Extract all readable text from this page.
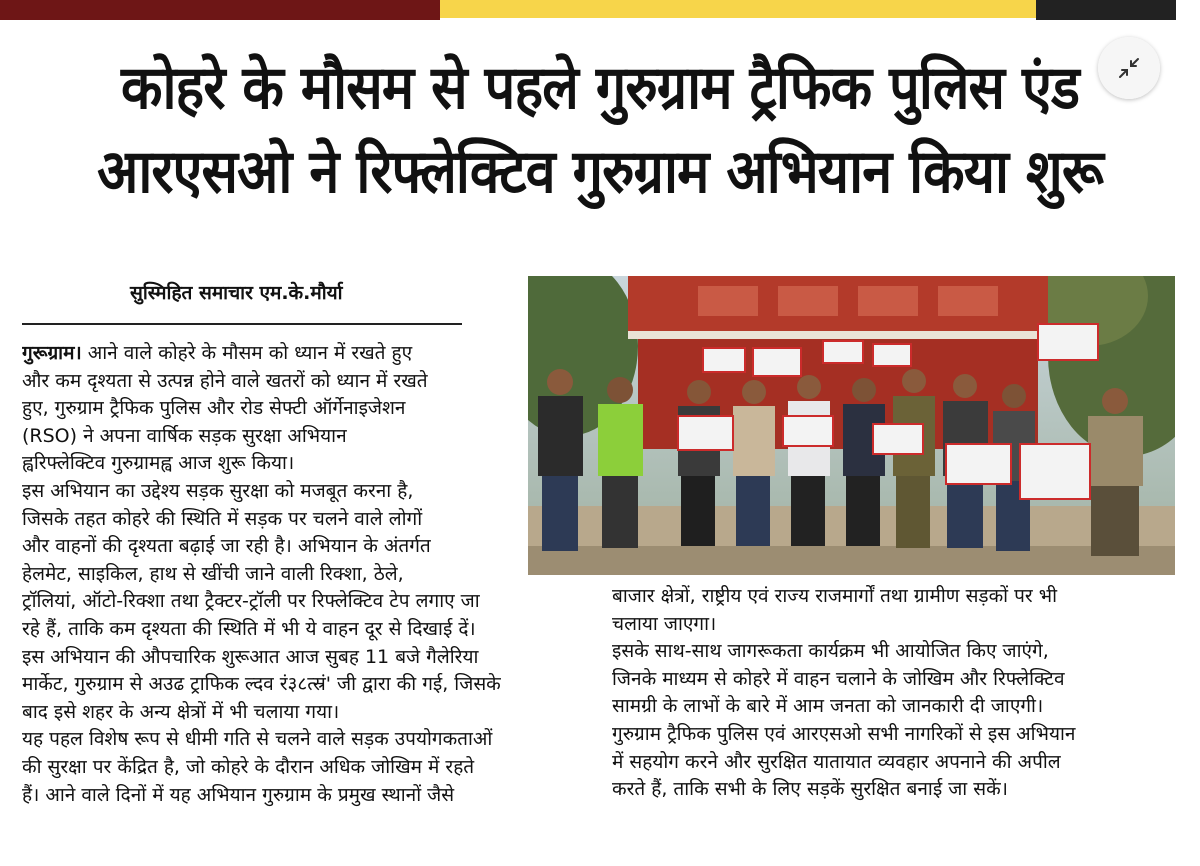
कोहरे के मौसम से पहले गुरुग्राम ट्रैफिक पुलिस एंड
आरएसओ ने रिफ्लेक्टिव गुरुग्राम अभियान किया शुरू
सुस्मिहित समाचार एम.के.मौर्या
गुरूग्राम। आने वाले कोहरे के मौसम को ध्यान में रखते हुए
और कम दृश्यता से उत्पन्न होने वाले खतरों को ध्यान में रखते
हुए, गुरुग्राम ट्रैफिक पुलिस और रोड सेफ्टी ऑर्गेनाइजेशन
(RSO) ने अपना वार्षिक सड़क सुरक्षा अभियान
ह्वरिफ्लेक्टिव गुरुग्रामह्व आज शुरू किया।
इस अभियान का उद्देश्य सड़क सुरक्षा को मजबूत करना है,
जिसके तहत कोहरे की स्थिति में सड़क पर चलने वाले लोगों
और वाहनों की दृश्यता बढ़ाई जा रही है। अभियान के अंतर्गत
हेलमेट, साइकिल, हाथ से खींची जाने वाली रिक्शा, ठेले,
ट्रॉलियां, ऑटो-रिक्शा तथा ट्रैक्टर-ट्रॉली पर रिफ्लेक्टिव टेप लगाए जा
रहे हैं, ताकि कम दृश्यता की स्थिति में भी ये वाहन दूर से दिखाई दें।
इस अभियान की औपचारिक शुरूआत आज सुबह 11 बजे गैलेरिया
मार्केट, गुरुग्राम से अउढ ट्राफिक ल्दव रं३८त्स्रं' जी द्वारा की गई, जिसके
बाद इसे शहर के अन्य क्षेत्रों में भी चलाया गया।
यह पहल विशेष रूप से धीमी गति से चलने वाले सड़क उपयोगकताओं
की सुरक्षा पर केंद्रित है, जो कोहरे के दौरान अधिक जोखिम में रहते
हैं। आने वाले दिनों में यह अभियान गुरुग्राम के प्रमुख स्थानों जैसे
बाजार क्षेत्रों, राष्ट्रीय एवं राज्य राजमार्गों तथा ग्रामीण सड़कों पर भी
चलाया जाएगा।
इसके साथ-साथ जागरूकता कार्यक्रम भी आयोजित किए जाएंगे,
जिनके माध्यम से कोहरे में वाहन चलाने के जोखिम और रिफ्लेक्टिव
सामग्री के लाभों के बारे में आम जनता को जानकारी दी जाएगी।
गुरुग्राम ट्रैफिक पुलिस एवं आरएसओ सभी नागरिकों से इस अभियान
में सहयोग करने और सुरक्षित यातायात व्यवहार अपनाने की अपील
करते हैं, ताकि सभी के लिए सड़कें सुरक्षित बनाई जा सकें।
